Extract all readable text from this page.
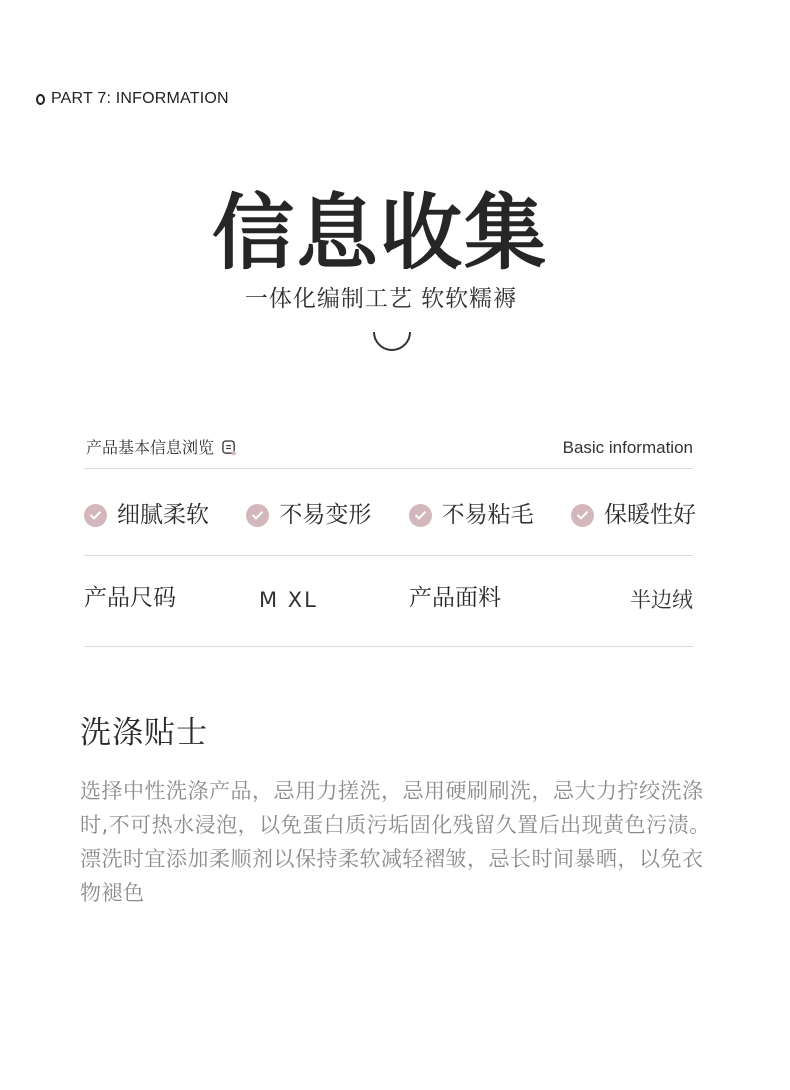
PART 7: INFORMATION
信息收集
一体化编制工艺 软软糯褥
产品基本信息浏览	Basic information
细腻柔软	不易变形	不易粘毛	保暖性好
产品尺码	M XL	产品面料	半边绒
洗涤贴士
选择中性洗涤产品，忌用力搓洗，忌用硬刷刷洗，忌大力拧绞洗涤时,不可热水浸泡，以免蛋白质污垢固化残留久置后出现黄色污渍。漂洗时宜添加柔顺剂以保持柔软减轻褶皱，忌长时间暴晒，以免衣物褪色
